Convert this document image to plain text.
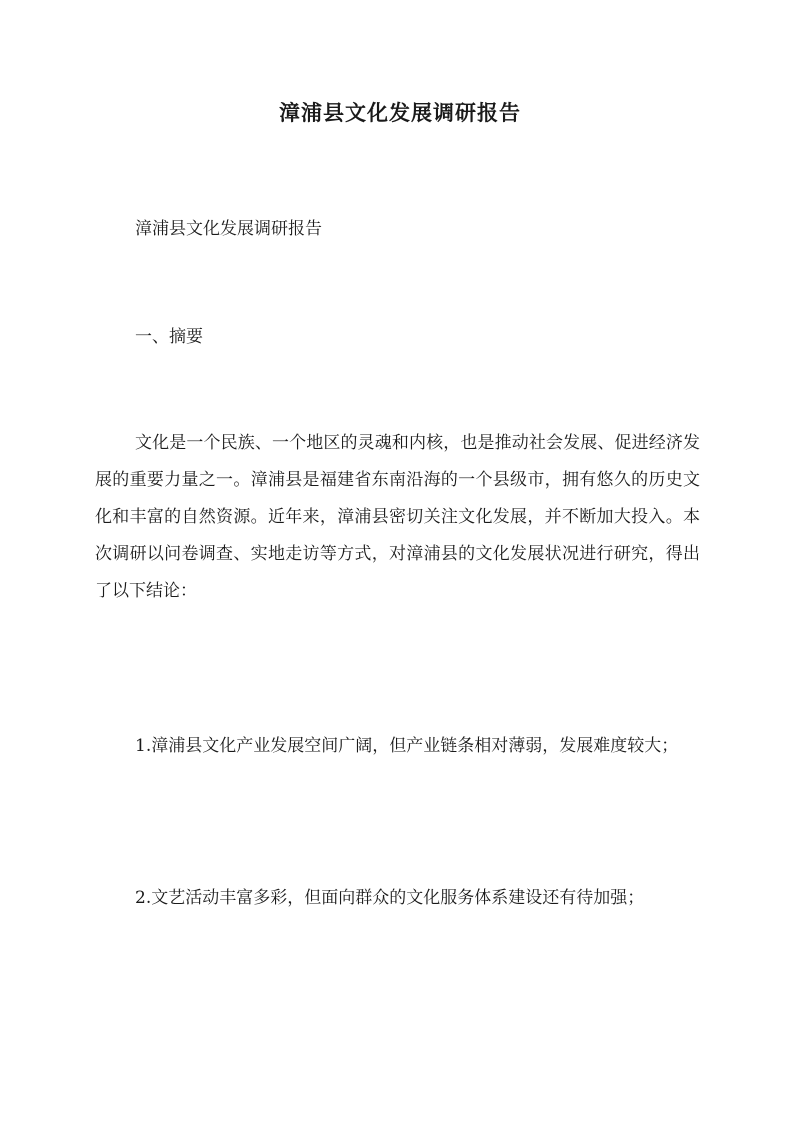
漳浦县文化发展调研报告

漳浦县文化发展调研报告

一、摘要

文化是一个民族、一个地区的灵魂和内核，也是推动社会发展、促进经济发展的重要力量之一。漳浦县是福建省东南沿海的一个县级市，拥有悠久的历史文化和丰富的自然资源。近年来，漳浦县密切关注文化发展，并不断加大投入。本次调研以问卷调查、实地走访等方式，对漳浦县的文化发展状况进行研究，得出了以下结论：

1.漳浦县文化产业发展空间广阔，但产业链条相对薄弱，发展难度较大；

2.文艺活动丰富多彩，但面向群众的文化服务体系建设还有待加强；
